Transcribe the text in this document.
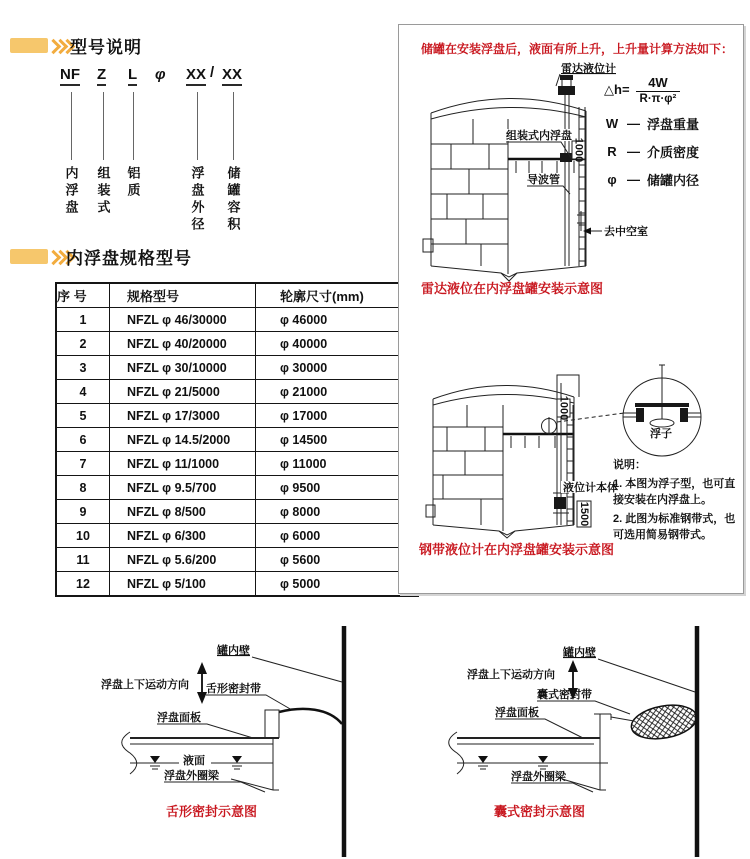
型号说明
NF Z L φ XX / XX
内浮盘 组装式 铝质	浮盘外径 储罐容积
内浮盘规格型号
序 号	规格型号	轮廓尺寸(mm)
1	NFZL φ 46/30000	φ 46000
2	NFZL φ 40/20000	φ 40000
3	NFZL φ 30/10000	φ 30000
4	NFZL φ 21/5000	φ 21000
5	NFZL φ 17/3000	φ 17000
6	NFZL φ 14.5/2000	φ 14500
7	NFZL φ 11/1000	φ 11000
8	NFZL φ 9.5/700	φ 9500
9	NFZL φ 8/500	φ 8000
10	NFZL φ 6/300	φ 6000
11	NFZL φ 5.6/200	φ 5600
12	NFZL φ 5/100	φ 5000
储罐在安装浮盘后，液面有所上升，上升量计算方法如下：
雷达液位计
组装式内浮盘
1000
导波管
去中空室
△h= $\frac{4W}{\text{R·π·φ²}}$
W — 浮盘重量
R — 介质密度
φ — 储罐内径
雷达液位在内浮盘罐安装示意图
1000
浮子
液位计本体
1500

说明：

1. 本图为浮子型，也可直接安装在内浮盘上。

2. 此图为标准钢带式，也可选用简易钢带式。

钢带液位计在内浮盘罐安装示意图
罐内壁
浮盘上下运动方向 舌形密封带
浮盘面板
液面
浮盘外圈梁
舌形密封示意图
罐内壁
浮盘上下运动方向
囊式密封带
浮盘面板
浮盘外圈梁
囊式密封示意图
